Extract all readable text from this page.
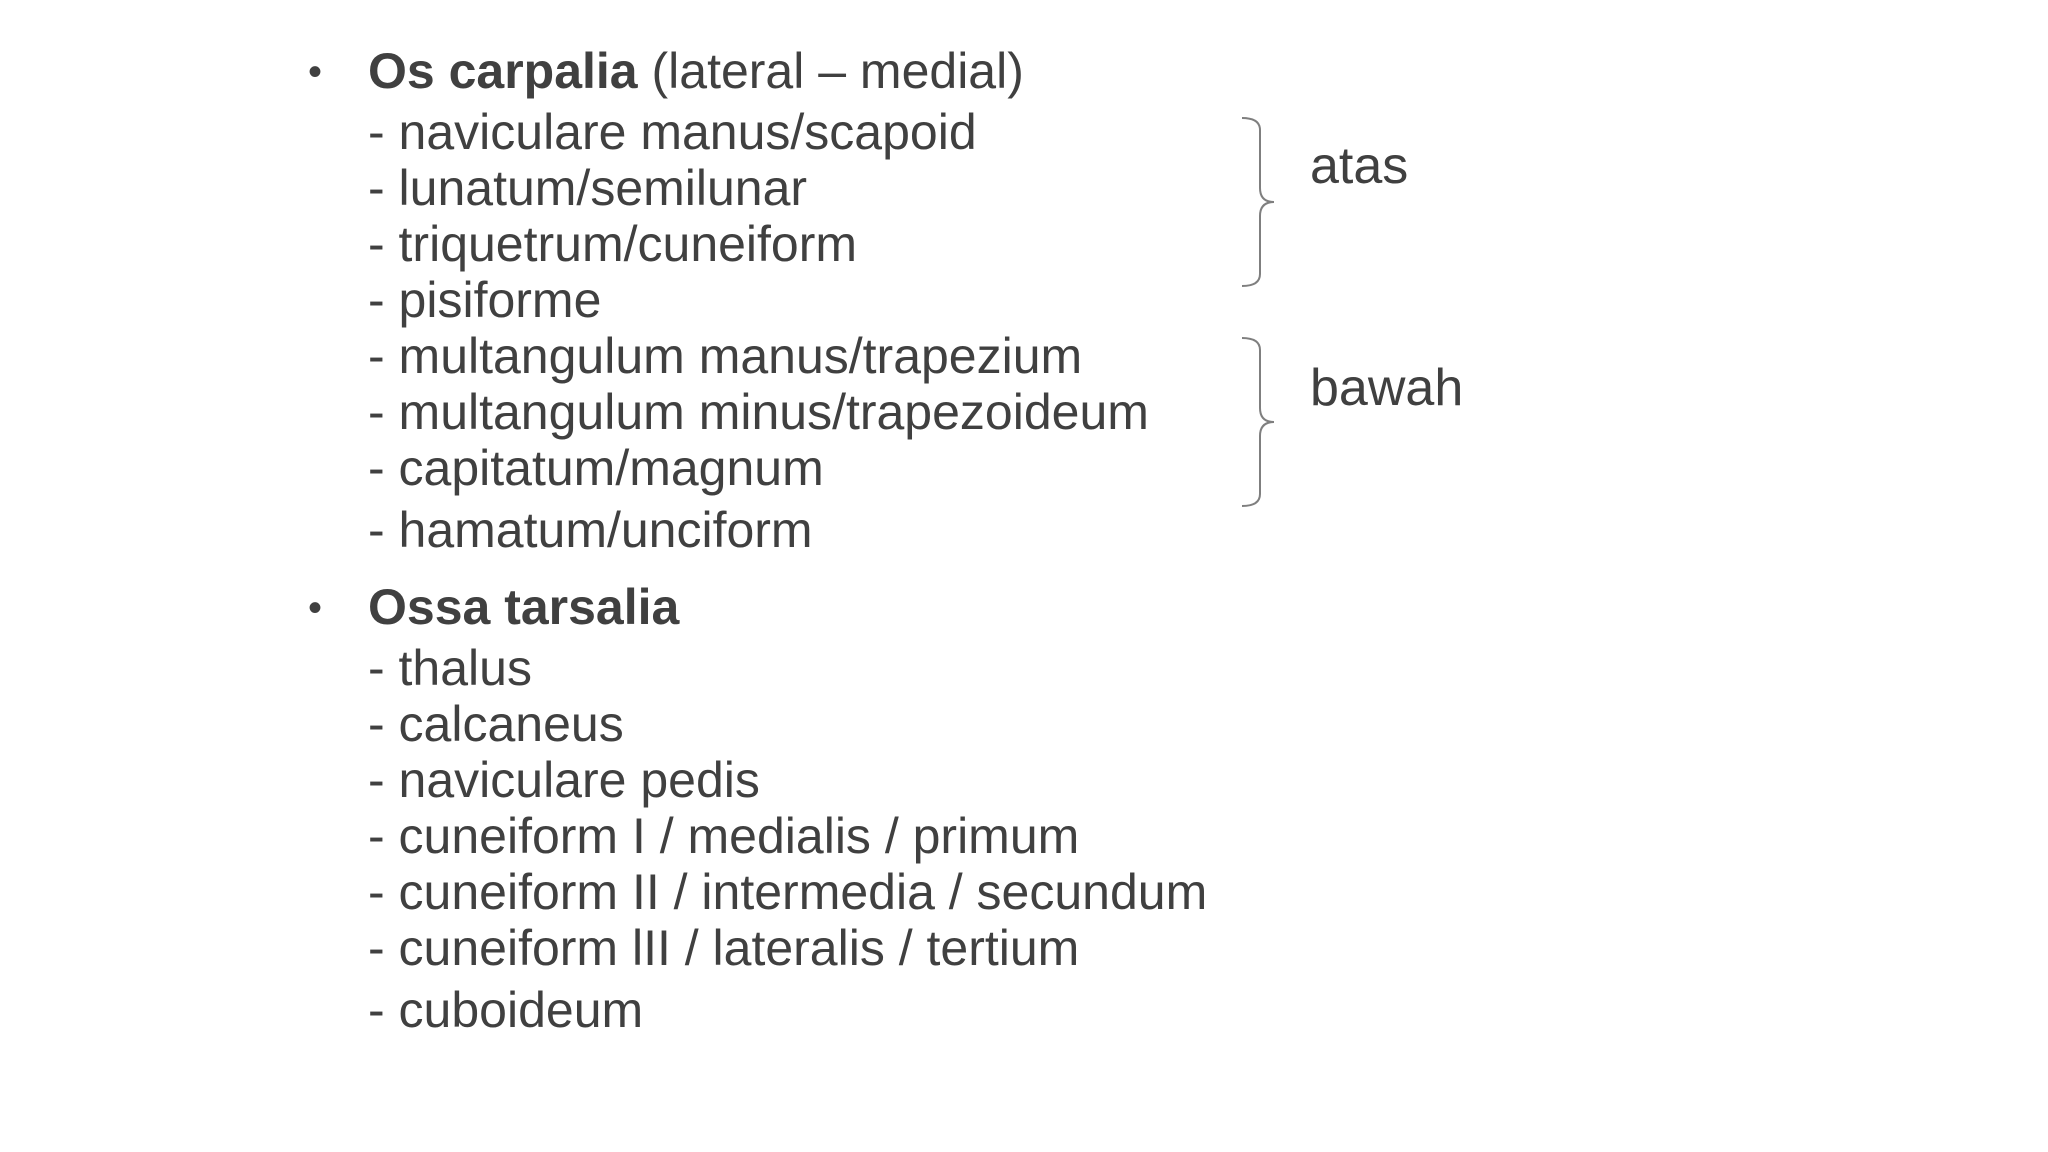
• Os carpalia (lateral – medial)
- naviculare manus/scapoid
- lunatum/semilunar
- triquetrum/cuneiform
- pisiforme
- multangulum manus/trapezium
- multangulum minus/trapezoideum
- capitatum/magnum
- hamatum/unciform
atas
bawah
• Ossa tarsalia
- thalus
- calcaneus
- naviculare pedis
- cuneiform I / medialis / primum
- cuneiform II / intermedia / secundum
- cuneiform lII / lateralis / tertium
- cuboideum
